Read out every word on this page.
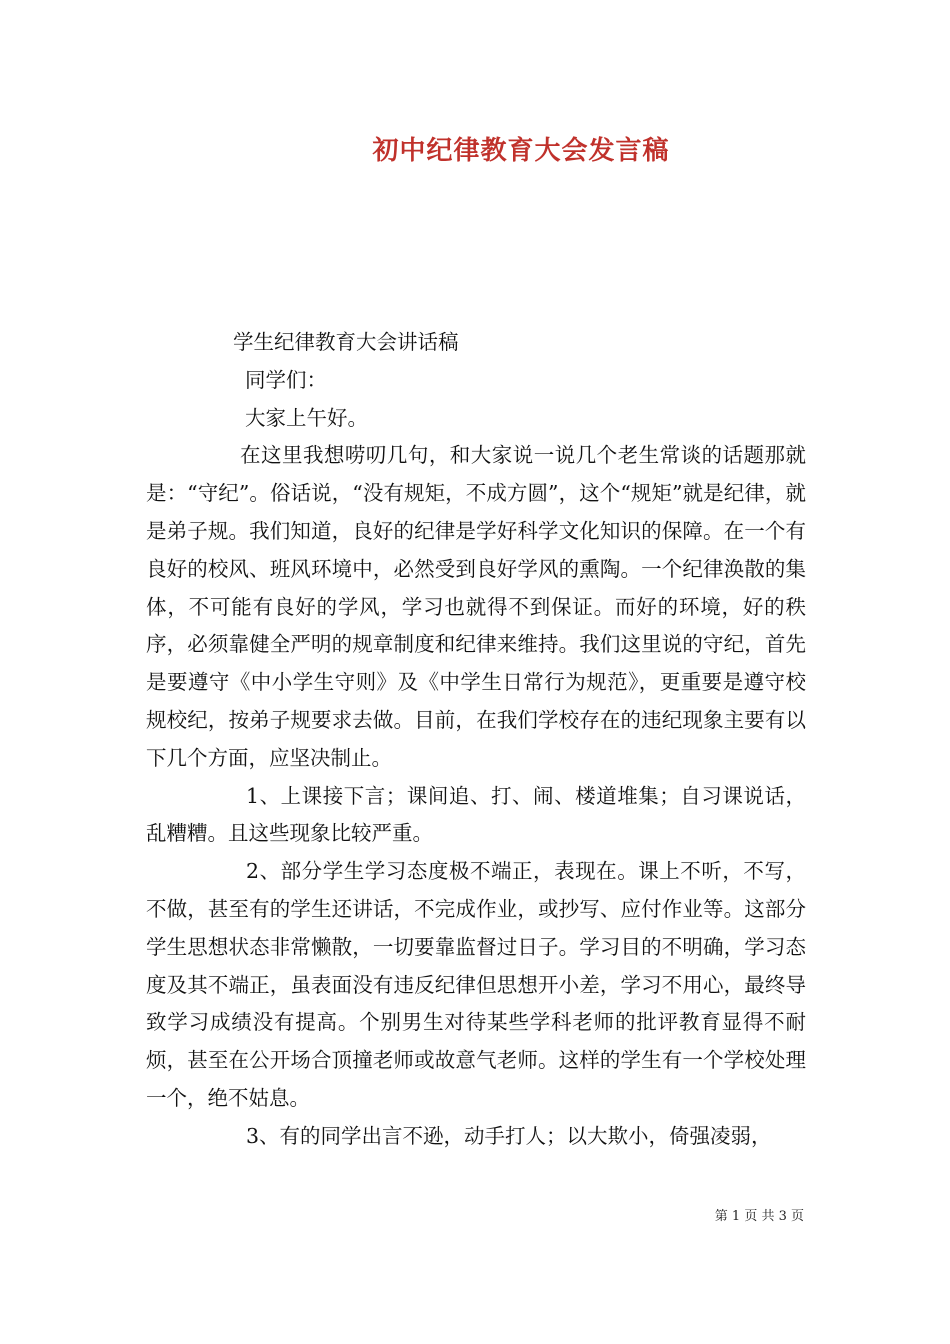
初中纪律教育大会发言稿

学生纪律教育大会讲话稿

同学们：

大家上午好。

在这里我想唠叨几句，和大家说一说几个老生常谈的话题那就是：“守纪”。俗话说，“没有规矩，不成方圆”，这个“规矩”就是纪律，就是弟子规。我们知道，良好的纪律是学好科学文化知识的保障。在一个有良好的校风、班风环境中，必然受到良好学风的熏陶。一个纪律涣散的集体，不可能有良好的学风，学习也就得不到保证。而好的环境，好的秩序，必须靠健全严明的规章制度和纪律来维持。我们这里说的守纪，首先是要遵守《中小学生守则》及《中学生日常行为规范》，更重要是遵守校规校纪，按弟子规要求去做。目前，在我们学校存在的违纪现象主要有以下几个方面，应坚决制止。

1、上课接下言；课间追、打、闹、楼道堆集；自习课说话，乱糟糟。且这些现象比较严重。

2、部分学生学习态度极不端正，表现在。课上不听，不写，不做，甚至有的学生还讲话，不完成作业，或抄写、应付作业等。这部分学生思想状态非常懒散，一切要靠监督过日子。学习目的不明确，学习态度及其不端正，虽表面没有违反纪律但思想开小差，学习不用心，最终导致学习成绩没有提高。个别男生对待某些学科老师的批评教育显得不耐烦，甚至在公开场合顶撞老师或故意气老师。这样的学生有一个学校处理一个，绝不姑息。

3、有的同学出言不逊，动手打人；以大欺小，倚强凌弱，

第 1 页 共 3 页
